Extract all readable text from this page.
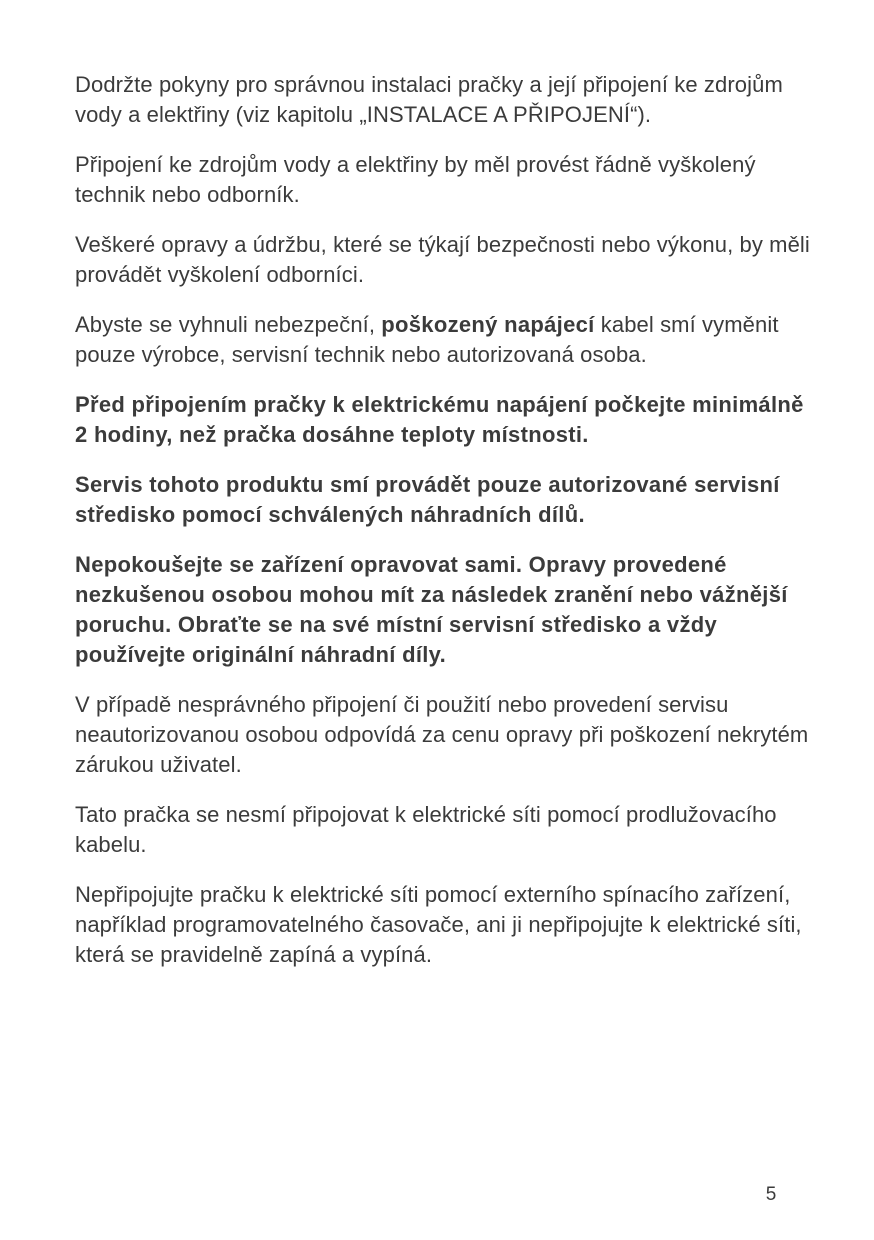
Dodržte pokyny pro správnou instalaci pračky a její připojení ke zdrojům vody a elektřiny (viz kapitolu „INSTALACE A PŘIPOJENÍ“).

Připojení ke zdrojům vody a elektřiny by měl provést řádně vyškolený technik nebo odborník.

Veškeré opravy a údržbu, které se týkají bezpečnosti nebo výkonu, by měli provádět vyškolení odborníci.

Abyste se vyhnuli nebezpeční, poškozený napájecí kabel smí vyměnit pouze výrobce, servisní technik nebo autorizovaná osoba.

Před připojením pračky k elektrickému napájení počkejte minimálně 2 hodiny, než pračka dosáhne teploty místnosti.

Servis tohoto produktu smí provádět pouze autorizované servisní středisko pomocí schválených náhradních dílů.

Nepokoušejte se zařízení opravovat sami. Opravy provedené nezkušenou osobou mohou mít za následek zranění nebo vážnější poruchu. Obraťte se na své místní servisní středisko a vždy používejte originální náhradní díly.

V případě nesprávného připojení či použití nebo provedení servisu neautorizovanou osobou odpovídá za cenu opravy při poškození nekrytém zárukou uživatel.

Tato pračka se nesmí připojovat k elektrické síti pomocí prodlužovacího kabelu.

Nepřipojujte pračku k elektrické síti pomocí externího spínacího zařízení, například programovatelného časovače, ani ji nepřipojujte k elektrické síti, která se pravidelně zapíná a vypíná.

5
